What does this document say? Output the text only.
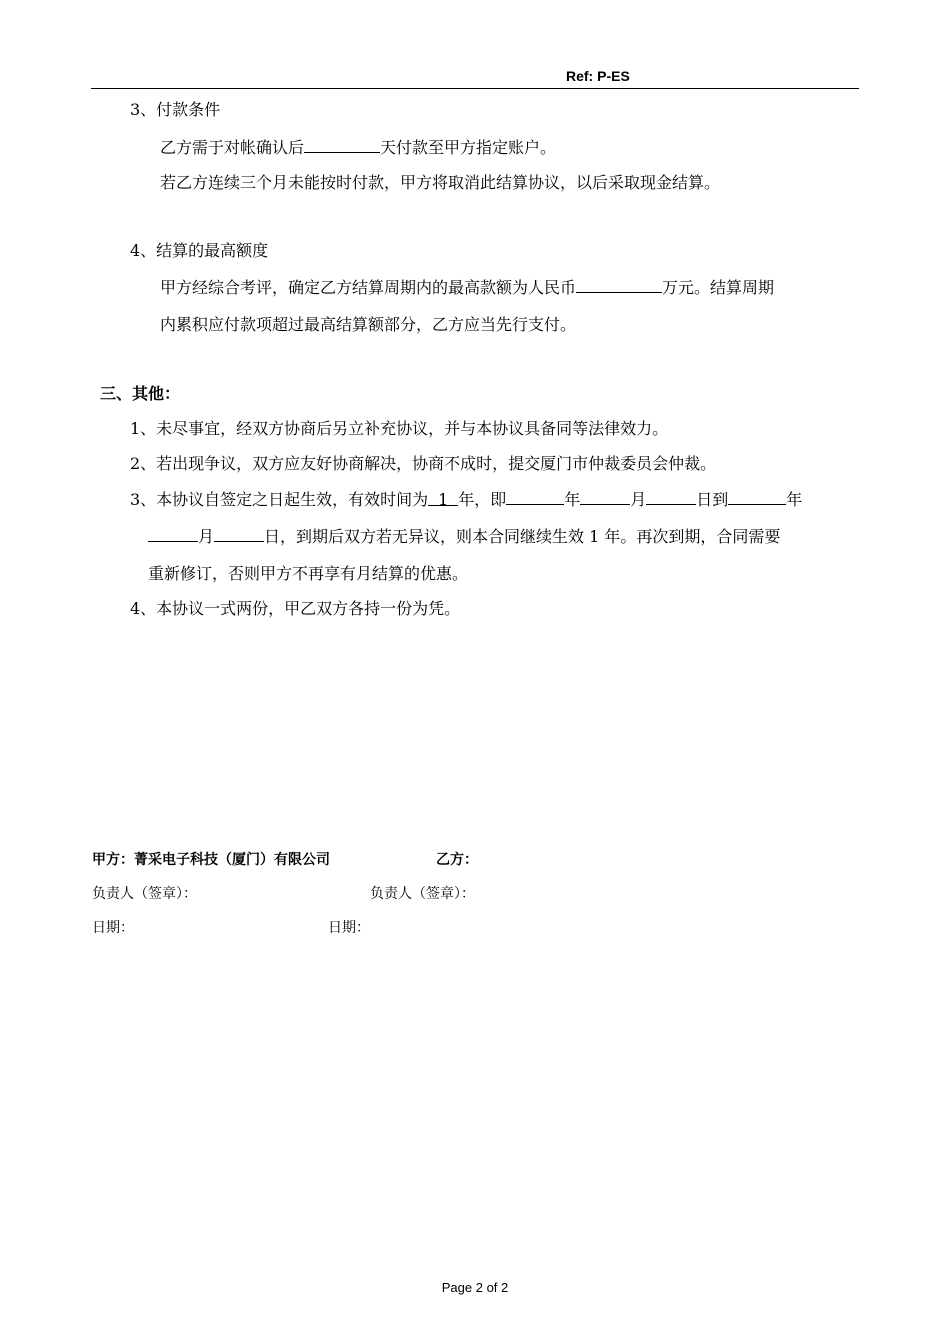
Ref: P-ES
3、付款条件
乙方需于对帐确认后	天付款至甲方指定账户。
若乙方连续三个月未能按时付款，甲方将取消此结算协议，以后采取现金结算。
4、结算的最高额度
甲方经综合考评，确定乙方结算周期内的最高款额为人民币	万元。结算周期
内累积应付款项超过最高结算额部分，乙方应当先行支付。
三、其他：
1、未尽事宜，经双方协商后另立补充协议，并与本协议具备同等法律效力。
2、若出现争议，双方应友好协商解决，协商不成时，提交厦门市仲裁委员会仲裁。
3、本协议自签定之日起生效，有效时间为 1 年，即	年	月	日到	年
月	日，到期后双方若无异议，则本合同继续生效 1 年。再次到期，合同需要
重新修订，否则甲方不再享有月结算的优惠。
4、本协议一式两份，甲乙双方各持一份为凭。
甲方：菁采电子科技（厦门）有限公司	乙方：
负责人（签章）：	负责人（签章）：
日期：	日期：
Page 2 of 2
